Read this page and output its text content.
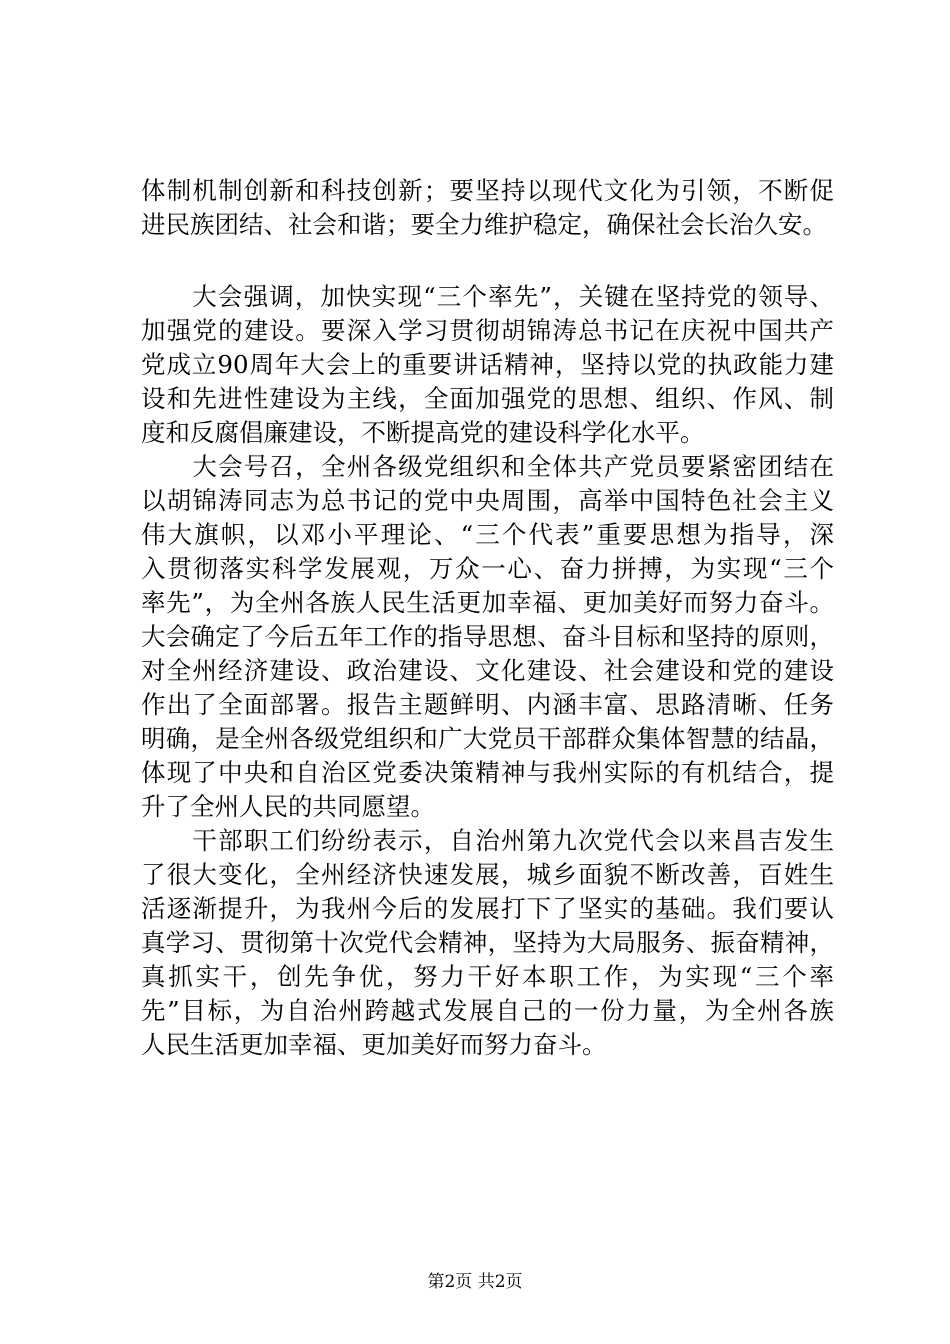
体制机制创新和科技创新；要坚持以现代文化为引领，不断促
进民族团结、社会和谐；要全力维护稳定，确保社会长治久安。

　　大会强调，加快实现“三个率先”，关键在坚持党的领导、
加强党的建设。要深入学习贯彻胡锦涛总书记在庆祝中国共产
党成立90周年大会上的重要讲话精神，坚持以党的执政能力建
设和先进性建设为主线，全面加强党的思想、组织、作风、制
度和反腐倡廉建设，不断提高党的建设科学化水平。

　　大会号召，全州各级党组织和全体共产党员要紧密团结在
以胡锦涛同志为总书记的党中央周围，高举中国特色社会主义
伟大旗帜，以邓小平理论、“三个代表”重要思想为指导，深
入贯彻落实科学发展观，万众一心、奋力拼搏，为实现“三个
率先”，为全州各族人民生活更加幸福、更加美好而努力奋斗。
大会确定了今后五年工作的指导思想、奋斗目标和坚持的原则，
对全州经济建设、政治建设、文化建设、社会建设和党的建设
作出了全面部署。报告主题鲜明、内涵丰富、思路清晰、任务
明确，是全州各级党组织和广大党员干部群众集体智慧的结晶，
体现了中央和自治区党委决策精神与我州实际的有机结合，提
升了全州人民的共同愿望。

　　干部职工们纷纷表示，自治州第九次党代会以来昌吉发生
了很大变化，全州经济快速发展，城乡面貌不断改善，百姓生
活逐渐提升，为我州今后的发展打下了坚实的基础。我们要认
真学习、贯彻第十次党代会精神，坚持为大局服务、振奋精神，
真抓实干，创先争优，努力干好本职工作，为实现“三个率
先”目标，为自治州跨越式发展自己的一份力量，为全州各族
人民生活更加幸福、更加美好而努力奋斗。

第2页 共2页
